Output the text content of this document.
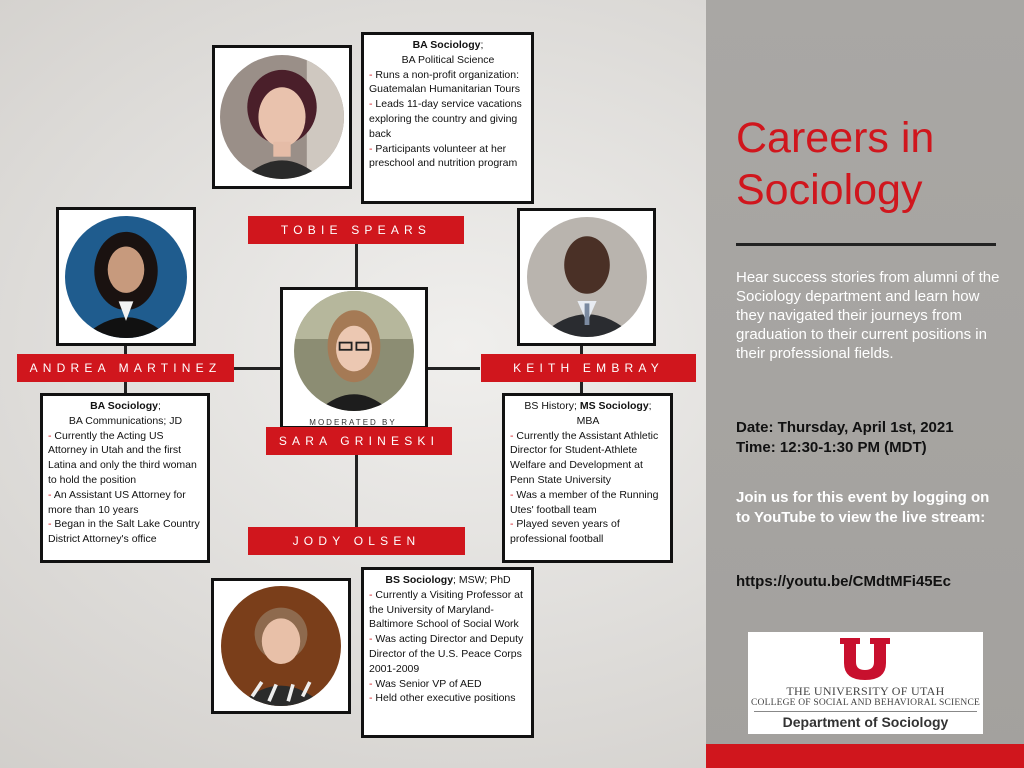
BA Sociology;
BA Political Science
- Runs a non-profit organization: Guatemalan Humanitarian Tours
- Leads 11-day service vacations exploring the country and giving back
- Participants volunteer at her preschool and nutrition program
TOBIE SPEARS
ANDREA MARTINEZ
BA Sociology;
BA Communications; JD
- Currently the Acting US Attorney in Utah and the first Latina and only the third woman to hold the position
- An Assistant US Attorney for more than 10 years
- Began in the Salt Lake Country District Attorney's office
MODERATED BY
SARA GRINESKI
KEITH EMBRAY
BS History; MS Sociology;
MBA
- Currently the Assistant Athletic Director for Student-Athlete Welfare and Development at Penn State University
- Was a member of the Running Utes' football team
- Played seven years of professional football
JODY OLSEN
BS Sociology; MSW; PhD
- Currently a Visiting Professor at the University of Maryland-Baltimore School of Social Work
- Was acting Director and Deputy Director of the U.S. Peace Corps 2001-2009
- Was Senior VP of AED
- Held other executive positions
Careers in Sociology
Hear success stories from alumni of the Sociology department and learn how they navigated their journeys from graduation to their current positions in their professional fields.
Date: Thursday, April 1st, 2021
Time: 12:30-1:30 PM (MDT)
Join us for this event by logging on to YouTube to view the live stream:
https://youtu.be/CMdtMFi45Ec
THE UNIVERSITY OF UTAH
COLLEGE OF SOCIAL AND BEHAVIORAL SCIENCE
Department of Sociology
